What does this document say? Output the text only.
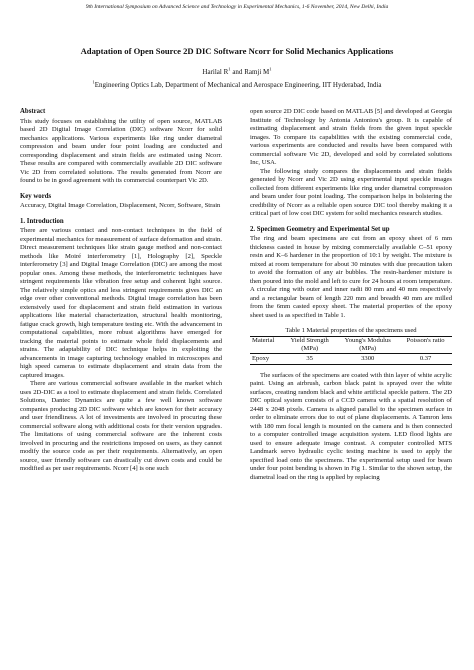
9th International Symposium on Advanced Science and Technology in Experimental Mechanics, 1-6 November, 2014, New Delhi, India
Adaptation of Open Source 2D DIC Software Ncorr for Solid Mechanics Applications
Harilal $R^1$ and Ramji $M^1$
$^1$Engineering Optics Lab, Department of Mechanical and Aerospace Engineering, IIT Hyderabad, India
Abstract

This study focuses on establishing the utility of open source, MATLAB based 2D Digital Image Correlation (DIC) software Ncorr for solid mechanics applications. Various experiments like ring under diametral compression and beam under four point loading are conducted and corresponding displacement and strain fields are estimated using Ncorr. These results are compared with commercially available 2D DIC software Vic 2D from correlated solutions. The results generated from Ncorr are found to be in good agreement with its commercial counterpart Vic 2D.

Key words

Accuracy, Digital Image Correlation, Displacement, Ncorr, Software, Strain

1. Introduction

There are various contact and non-contact techniques in the field of experimental mechanics for measurement of surface deformation and strain. Direct measurement techniques like strain gauge method and non-contact methods like Moiré interferometry [1], Holography [2], Speckle interferometry [3] and Digital Image Correlation (DIC) are among the most popular ones. Among these methods, the interferometric techniques have stringent requirements like vibration free setup and coherent light source. The relatively simple optics and less stringent requirements gives DIC an edge over other conventional methods. Digital image correlation has been extensively used for displacement and strain field estimation in various applications like material characterization, structural health monitoring, fatigue crack growth, high temperature testing etc. With the advancement in computational capabilities, more robust algorithms have emerged for tracking the material points to estimate whole field displacements and strains. The adaptability of DIC technique helps in exploiting the advancements in image capturing technology enabled in microscopes and high speed cameras to estimate displacement and strain data from the captured images.

There are various commercial software available in the market which uses 2D-DIC as a tool to estimate displacement and strain fields. Correlated Solutions, Dantec Dynamics are quite a few well known software companies producing 2D DIC software which are known for their accuracy and user friendliness. A lot of investments are involved in procuring these commercial software along with additional costs for their version upgrades. The limitations of using commercial software are the inherent costs involved in procuring and the restrictions imposed on users, as they cannot modify the source code as per their requirements. Alternatively, an open source, user friendly software can drastically cut down costs and could be modified as per user requirements. Ncorr [4] is one such

open source 2D DIC code based on MATLAB [5] and developed at Georgia Institute of Technology by Antonia Antoniou's group. It is capable of estimating displacement and strain fields from the given input speckle images. To compare its capabilities with the existing commercial code, various experiments are conducted and results have been compared with commercial software Vic 2D, developed and sold by correlated solutions Inc, USA.

The following study compares the displacements and strain fields generated by Ncorr and Vic 2D using experimental input speckle images collected from different experiments like ring under diametral compression and beam under four point loading. The comparison helps in bolstering the credibility of Ncorr as a reliable open source DIC tool thereby making it a critical part of low cost DIC system for solid mechanics research studies.

2. Specimen Geometry and Experimental Set up

The ring and beam specimens are cut from an epoxy sheet of 6 mm thickness casted in house by mixing commercially available C–51 epoxy resin and K–6 hardener in the proportion of 10:1 by weight. The mixture is mixed at room temperature for about 30 minutes with due precaution taken to avoid the formation of any air bubbles. The resin-hardener mixture is then poured into the mold and left to cure for 24 hours at room temperature. A circular ring with outer and inner radii 80 mm and 40 mm respectively and a rectangular beam of length 220 mm and breadth 40 mm are milled from the 6mm casted epoxy sheet. The material properties of the epoxy sheet used is as specified in Table 1.

Table 1 Material properties of the specimens used
Material	Yield Strength	Young's Modulus	Poisson's ratio
	(MPa)	(MPa)	
Epoxy	35	3300	0.37

The surfaces of the specimens are coated with thin layer of white acrylic paint. Using an airbrush, carbon black paint is sprayed over the white surfaces, creating random black and white artificial speckle pattern. The 2D DIC optical system consists of a CCD camera with a spatial resolution of 2448 x 2048 pixels. Camera is aligned parallel to the specimen surface in order to eliminate errors due to out of plane displacements. A Tamron lens with 180 mm focal length is mounted on the camera and is then connected to a computer controlled image acquisition system. LED flood lights are used to ensure adequate image contrast. A computer controlled MTS Landmark servo hydraulic cyclic testing machine is used to apply the specified load onto the specimens. The experimental setup used for beam under four point bending is shown in Fig 1. Similar to the shown setup, the diametral load on the ring is applied by replacing
